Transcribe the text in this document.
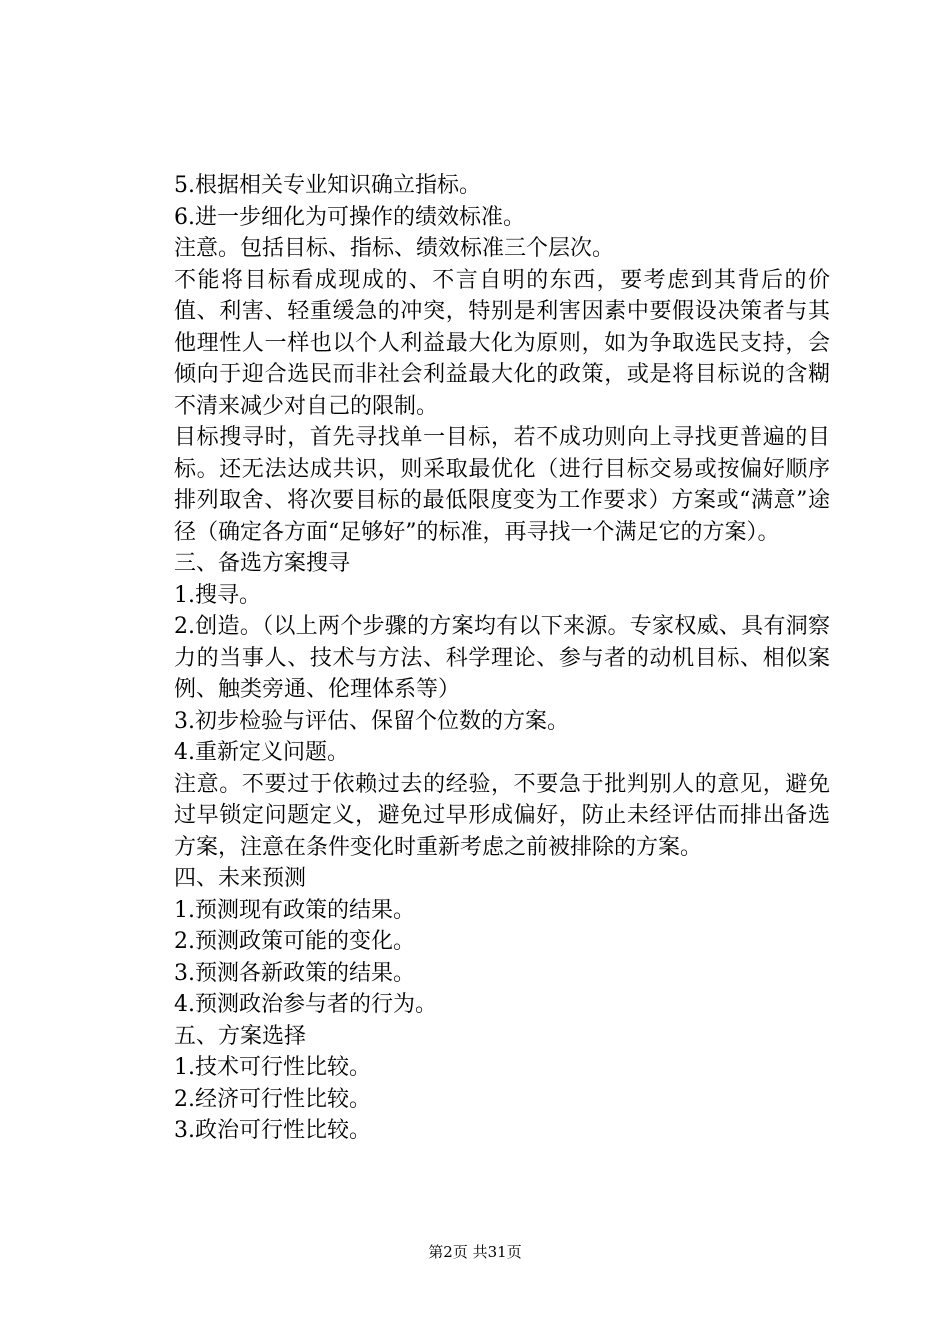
5.根据相关专业知识确立指标。
6.进一步细化为可操作的绩效标准。
注意。包括目标、指标、绩效标准三个层次。
不能将目标看成现成的、不言自明的东西，要考虑到其背后的价值、利害、轻重缓急的冲突，特别是利害因素中要假设决策者与其他理性人一样也以个人利益最大化为原则，如为争取选民支持，会倾向于迎合选民而非社会利益最大化的政策，或是将目标说的含糊不清来减少对自己的限制。
目标搜寻时，首先寻找单一目标，若不成功则向上寻找更普遍的目标。还无法达成共识，则采取最优化（进行目标交易或按偏好顺序排列取舍、将次要目标的最低限度变为工作要求）方案或“满意”途径（确定各方面“足够好”的标准，再寻找一个满足它的方案）。
三、备选方案搜寻
1.搜寻。
2.创造。（以上两个步骤的方案均有以下来源。专家权威、具有洞察力的当事人、技术与方法、科学理论、参与者的动机目标、相似案例、触类旁通、伦理体系等）
3.初步检验与评估、保留个位数的方案。
4.重新定义问题。
注意。不要过于依赖过去的经验，不要急于批判别人的意见，避免过早锁定问题定义，避免过早形成偏好，防止未经评估而排出备选方案，注意在条件变化时重新考虑之前被排除的方案。
四、未来预测
1.预测现有政策的结果。
2.预测政策可能的变化。
3.预测各新政策的结果。
4.预测政治参与者的行为。
五、方案选择
1.技术可行性比较。
2.经济可行性比较。
3.政治可行性比较。
第2页 共31页
